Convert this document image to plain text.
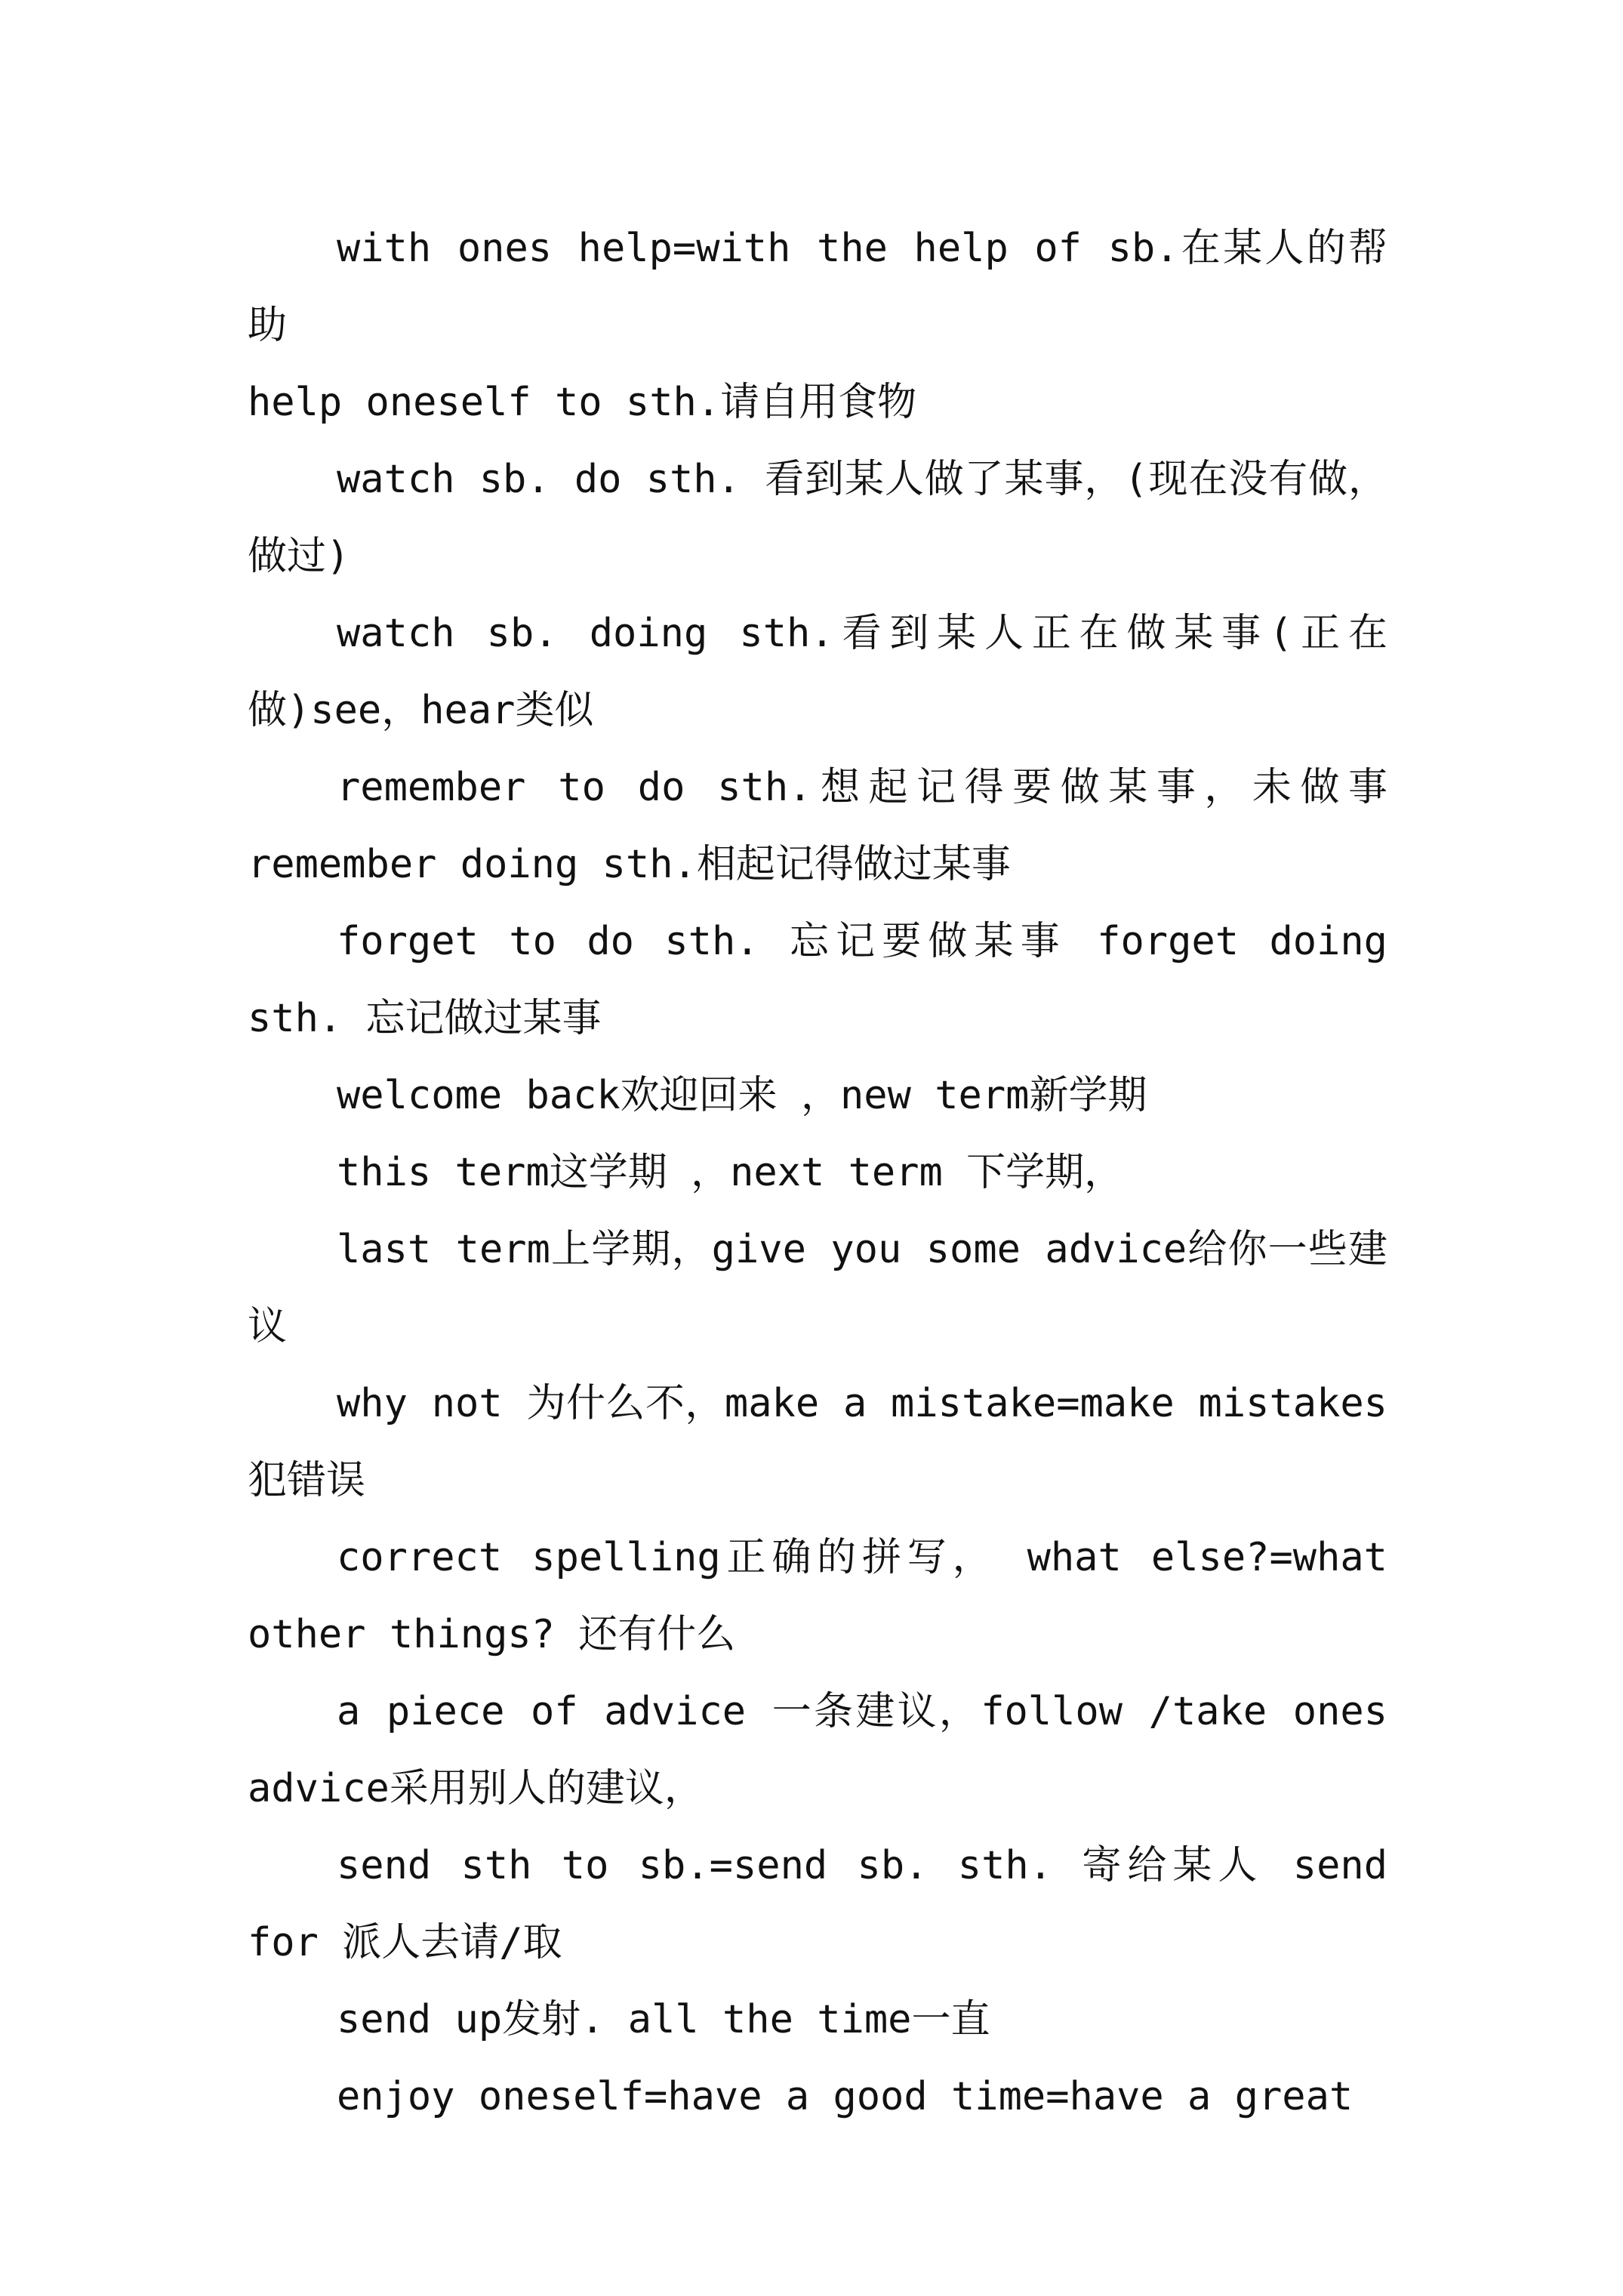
with ones help=with the help of sb.在某人的帮助

help oneself to sth.请自用食物

watch sb. do sth. 看到某人做了某事，(现在没有做，做过)

watch sb. doing sth.看到某人正在做某事(正在做)see，hear类似

remember to do sth.想起记得要做某事，未做事 remember doing sth.相起记得做过某事

forget to do sth. 忘记要做某事 forget doing sth. 忘记做过某事

welcome back欢迎回来 ，new term新学期

this term这学期 ，next term 下学期，

last term上学期，give you some advice给你一些建议

why not 为什么不，make a mistake=make mistakes 犯错误

correct spelling正确的拼写， what else?=what other things? 还有什么

a piece of advice 一条建议，follow /take ones advice采用别人的建议，

send sth to sb.=send sb. sth. 寄给某人 send for 派人去请/取

send up发射. all the time一直

enjoy oneself=have a good time=have a great
